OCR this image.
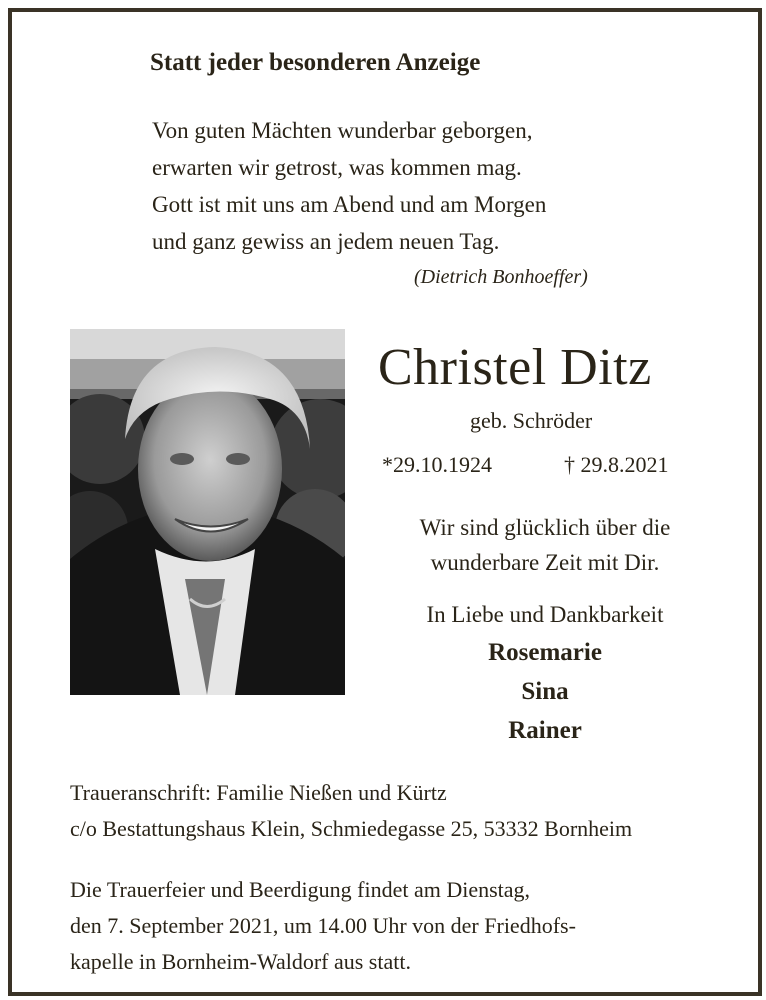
Statt jeder besonderen Anzeige
Von guten Mächten wunderbar geborgen,
erwarten wir getrost, was kommen mag.
Gott ist mit uns am Abend und am Morgen
und ganz gewiss an jedem neuen Tag.
(Dietrich Bonhoeffer)
Christel Ditz
geb. Schröder
*29.10.1924	† 29.8.2021
Wir sind glücklich über die
wunderbare Zeit mit Dir.
In Liebe und Dankbarkeit
Rosemarie
Sina
Rainer
Traueranschrift: Familie Nießen und Kürtz
c/o Bestattungshaus Klein, Schmiedegasse 25, 53332 Bornheim
Die Trauerfeier und Beerdigung findet am Dienstag,
den 7. September 2021, um 14.00 Uhr von der Friedhofs-
kapelle in Bornheim-Waldorf aus statt.
